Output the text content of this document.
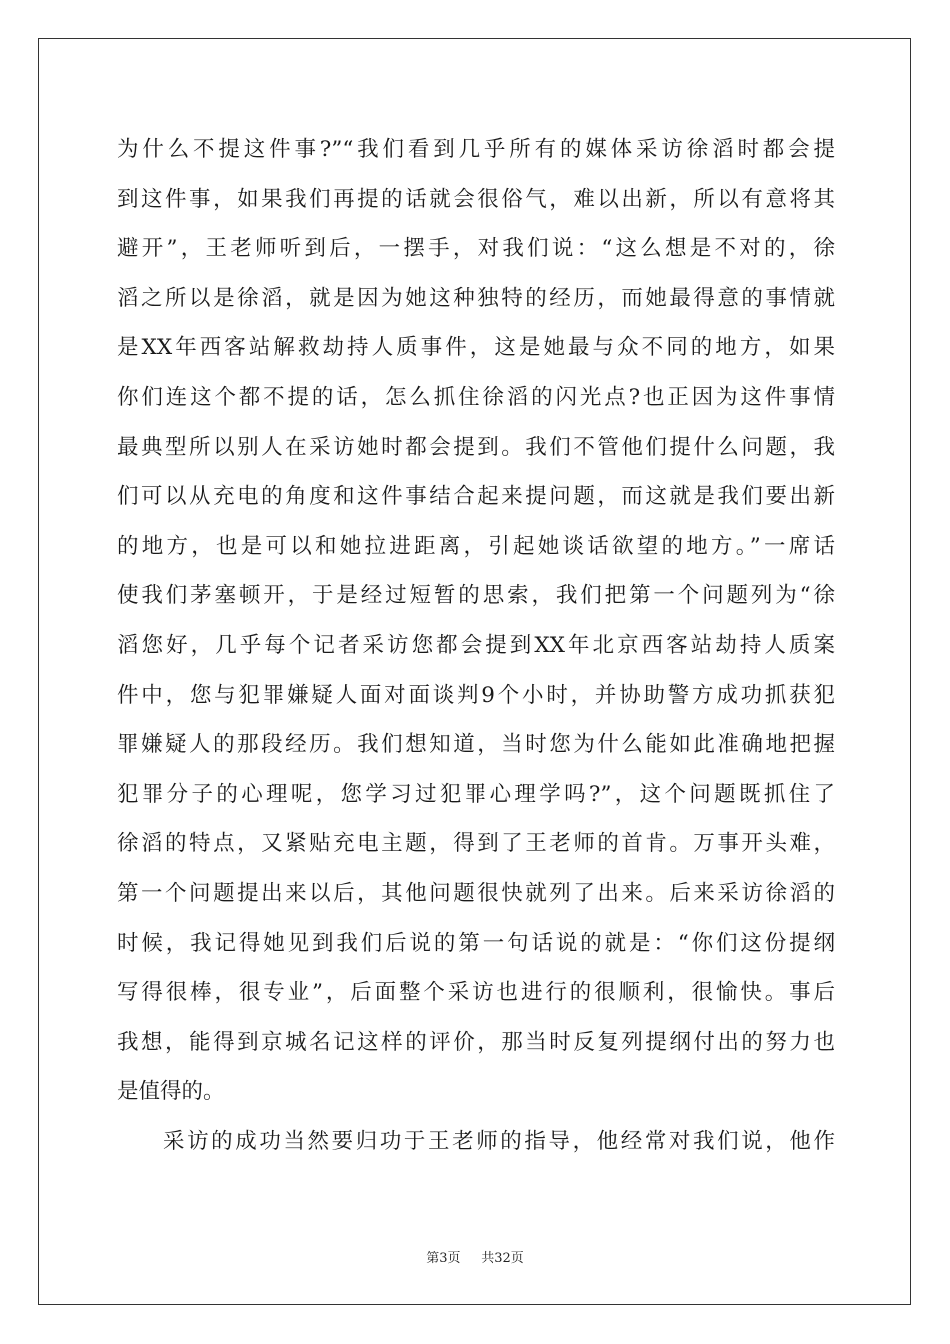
为什么不提这件事?”“我们看到几乎所有的媒体采访徐滔时都会提
到这件事，如果我们再提的话就会很俗气，难以出新，所以有意将其
避开”，王老师听到后，一摆手，对我们说：“这么想是不对的，徐
滔之所以是徐滔，就是因为她这种独特的经历，而她最得意的事情就
是XX年西客站解救劫持人质事件，这是她最与众不同的地方，如果
你们连这个都不提的话，怎么抓住徐滔的闪光点?也正因为这件事情
最典型所以别人在采访她时都会提到。我们不管他们提什么问题，我
们可以从充电的角度和这件事结合起来提问题，而这就是我们要出新
的地方，也是可以和她拉进距离，引起她谈话欲望的地方。”一席话
使我们茅塞顿开，于是经过短暂的思索，我们把第一个问题列为“徐
滔您好，几乎每个记者采访您都会提到XX年北京西客站劫持人质案
件中，您与犯罪嫌疑人面对面谈判9个小时，并协助警方成功抓获犯
罪嫌疑人的那段经历。我们想知道，当时您为什么能如此准确地把握
犯罪分子的心理呢，您学习过犯罪心理学吗?”，这个问题既抓住了
徐滔的特点，又紧贴充电主题，得到了王老师的首肯。万事开头难，
第一个问题提出来以后，其他问题很快就列了出来。后来采访徐滔的
时候，我记得她见到我们后说的第一句话说的就是：“你们这份提纲
写得很棒，很专业”，后面整个采访也进行的很顺利，很愉快。事后
我想，能得到京城名记这样的评价，那当时反复列提纲付出的努力也
是值得的。
采访的成功当然要归功于王老师的指导，他经常对我们说，他作
第3页 共32页
